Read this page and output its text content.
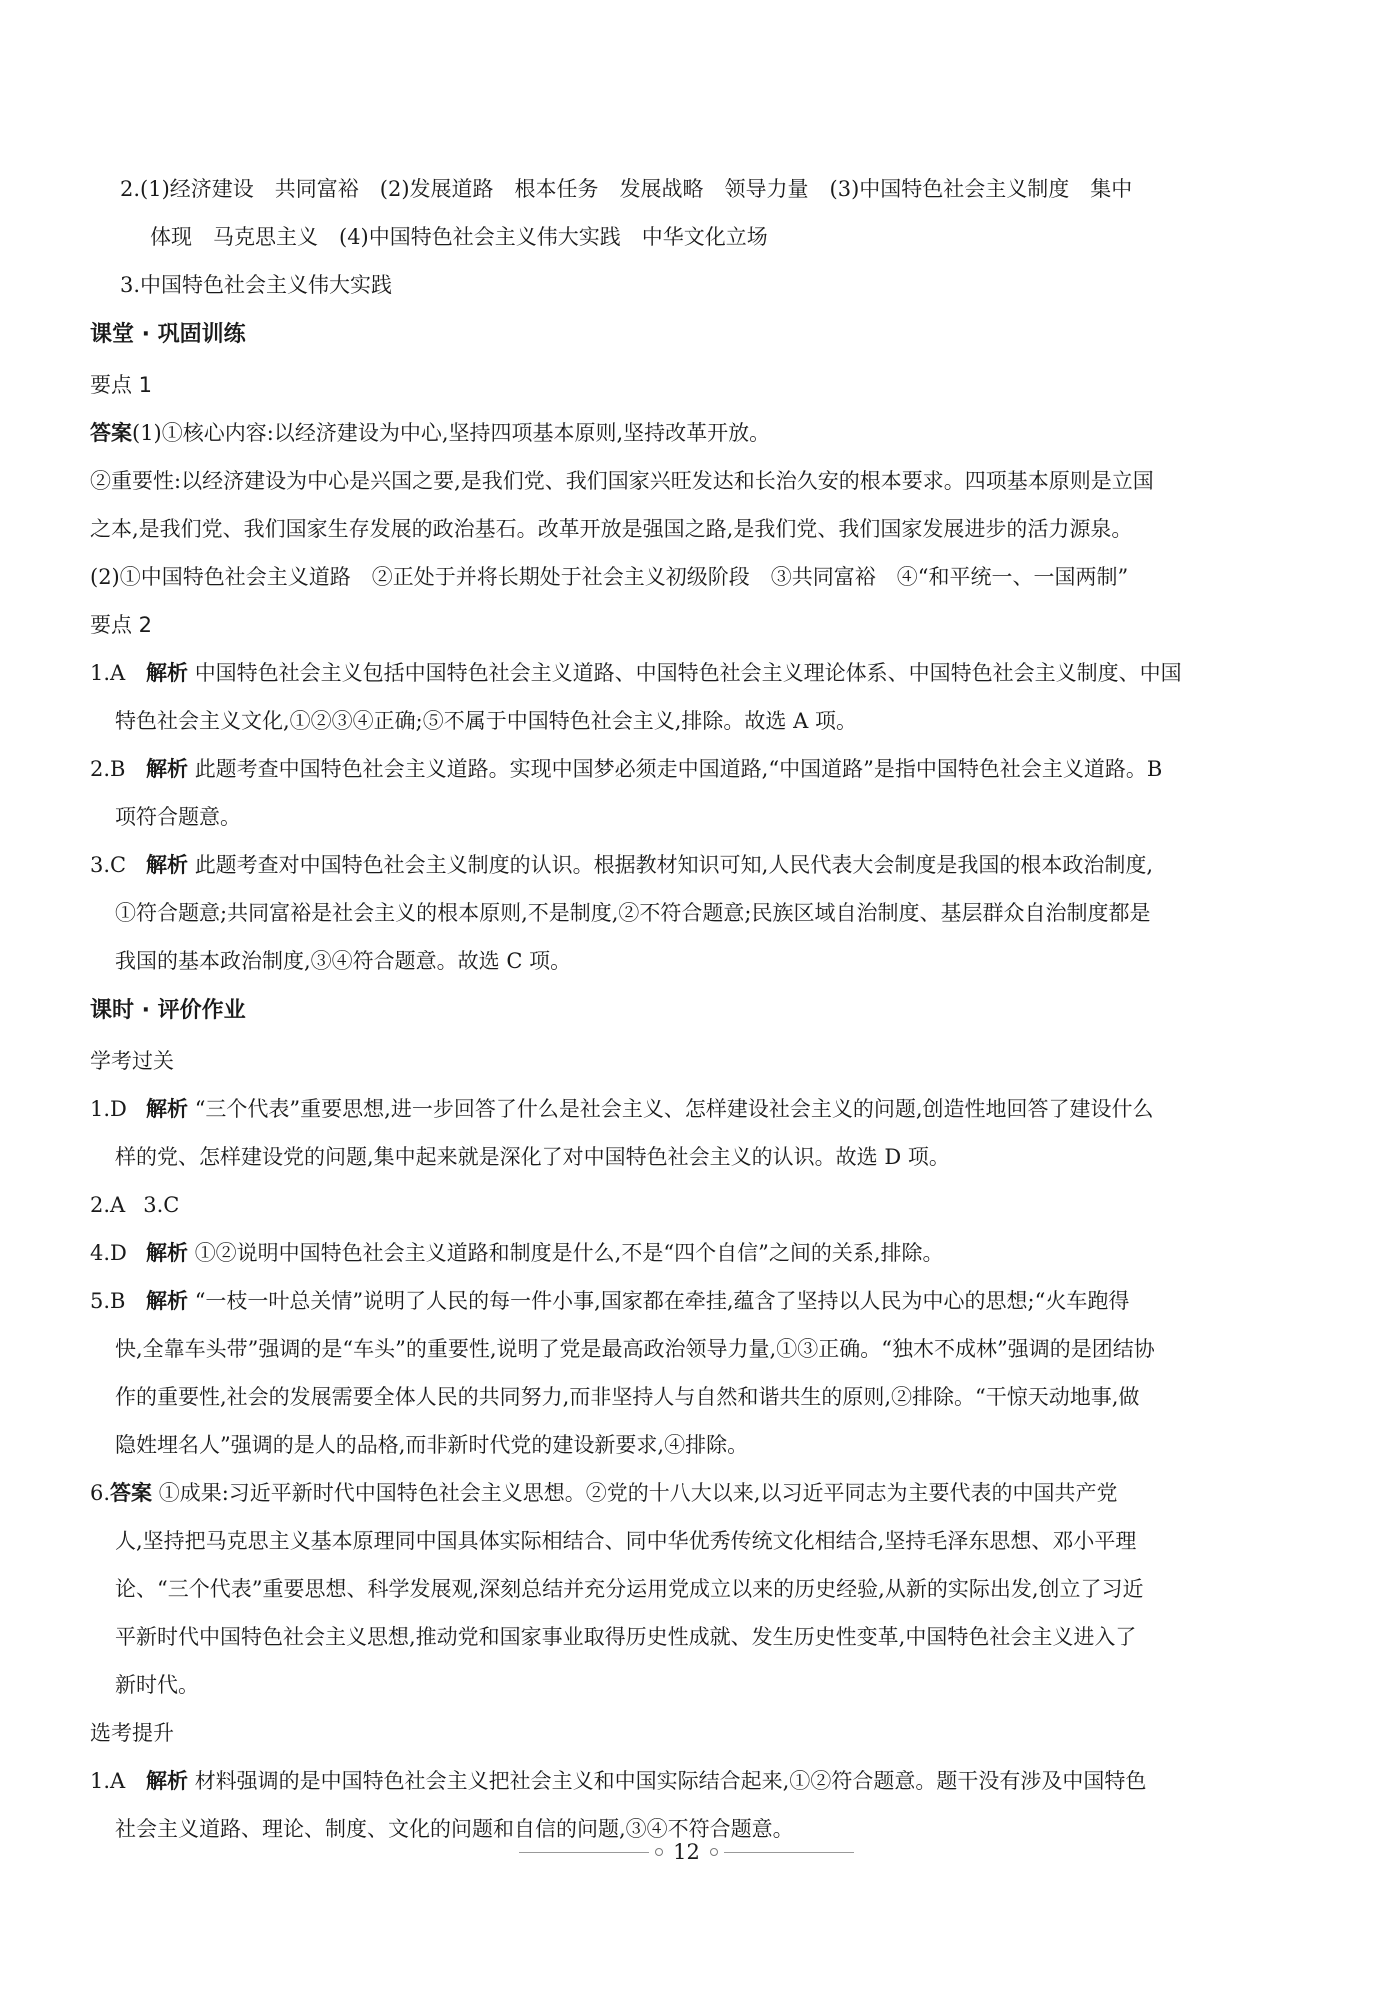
2.(1)经济建设　共同富裕　(2)发展道路　根本任务　发展战略　领导力量　(3)中国特色社会主义制度　集中
体现　马克思主义　(4)中国特色社会主义伟大实践　中华文化立场
3.中国特色社会主义伟大实践
课堂 · 巩固训练
要点 1
答案(1)①核心内容:以经济建设为中心,坚持四项基本原则,坚持改革开放。
②重要性:以经济建设为中心是兴国之要,是我们党、我们国家兴旺发达和长治久安的根本要求。四项基本原则是立国
之本,是我们党、我们国家生存发展的政治基石。改革开放是强国之路,是我们党、我们国家发展进步的活力源泉。
(2)①中国特色社会主义道路　②正处于并将长期处于社会主义初级阶段　③共同富裕　④“和平统一、一国两制”
要点 2
1.A 解析 中国特色社会主义包括中国特色社会主义道路、中国特色社会主义理论体系、中国特色社会主义制度、中国
特色社会主义文化,①②③④正确;⑤不属于中国特色社会主义,排除。故选 A 项。
2.B 解析 此题考查中国特色社会主义道路。实现中国梦必须走中国道路,“中国道路”是指中国特色社会主义道路。B
项符合题意。
3.C 解析 此题考查对中国特色社会主义制度的认识。根据教材知识可知,人民代表大会制度是我国的根本政治制度,
①符合题意;共同富裕是社会主义的根本原则,不是制度,②不符合题意;民族区域自治制度、基层群众自治制度都是
我国的基本政治制度,③④符合题意。故选 C 项。
课时 · 评价作业
学考过关
1.D 解析 “三个代表”重要思想,进一步回答了什么是社会主义、怎样建设社会主义的问题,创造性地回答了建设什么
样的党、怎样建设党的问题,集中起来就是深化了对中国特色社会主义的认识。故选 D 项。
2.A 3.C
4.D 解析 ①②说明中国特色社会主义道路和制度是什么,不是“四个自信”之间的关系,排除。
5.B 解析 “一枝一叶总关情”说明了人民的每一件小事,国家都在牵挂,蕴含了坚持以人民为中心的思想;“火车跑得
快,全靠车头带”强调的是“车头”的重要性,说明了党是最高政治领导力量,①③正确。“独木不成林”强调的是团结协
作的重要性,社会的发展需要全体人民的共同努力,而非坚持人与自然和谐共生的原则,②排除。“干惊天动地事,做
隐姓埋名人”强调的是人的品格,而非新时代党的建设新要求,④排除。
6.答案 ①成果:习近平新时代中国特色社会主义思想。②党的十八大以来,以习近平同志为主要代表的中国共产党
人,坚持把马克思主义基本原理同中国具体实际相结合、同中华优秀传统文化相结合,坚持毛泽东思想、邓小平理
论、“三个代表”重要思想、科学发展观,深刻总结并充分运用党成立以来的历史经验,从新的实际出发,创立了习近
平新时代中国特色社会主义思想,推动党和国家事业取得历史性成就、发生历史性变革,中国特色社会主义进入了
新时代。
选考提升
1.A 解析 材料强调的是中国特色社会主义把社会主义和中国实际结合起来,①②符合题意。题干没有涉及中国特色
社会主义道路、理论、制度、文化的问题和自信的问题,③④不符合题意。
12
